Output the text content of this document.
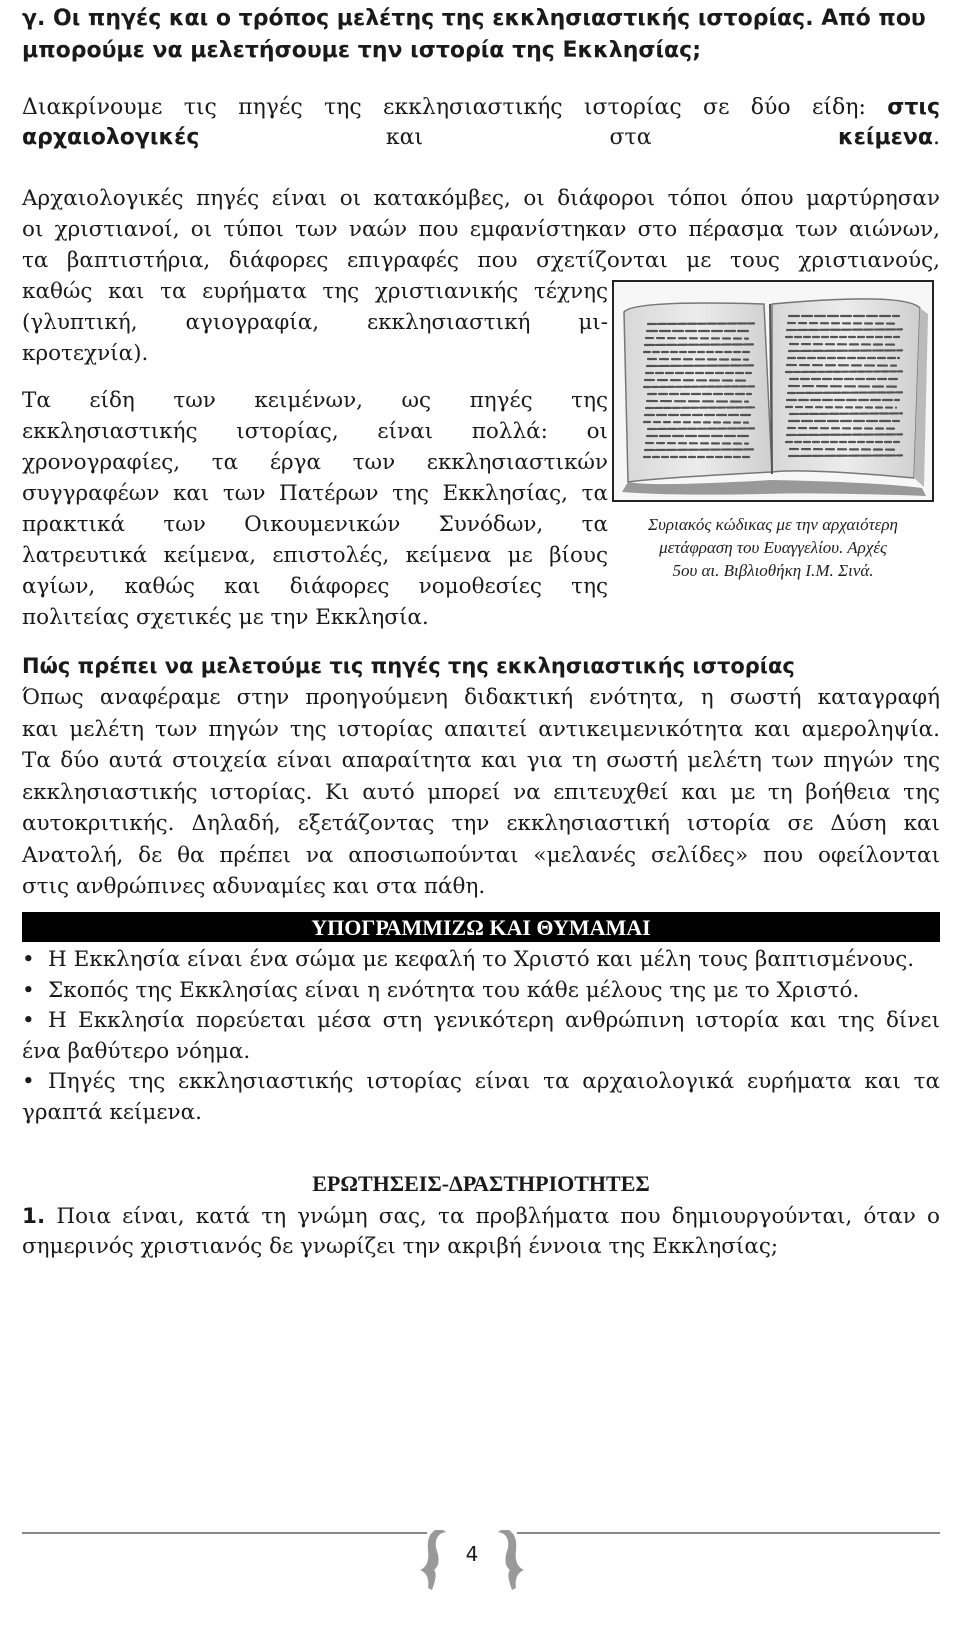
γ. Οι πηγές και ο τρόπος μελέτης της εκκλησιαστικής ιστορίας. Από που μπορούμε να μελετήσουμε την ιστορία της Εκκλησίας;

Διακρίνουμε τις πηγές της εκκλησιαστικής ιστορίας σε δύο είδη: στις
αρχαιολογικές και στα κείμενα.

Αρχαιολογικές πηγές είναι οι κατακόμβες, οι διάφοροι τόποι όπου μαρτύρησαν
οι χριστιανοί, οι τύποι των ναών που εμφανίστηκαν στο πέρασμα των αιώνων,
τα βαπτιστήρια, διάφορες επιγραφές που σχετίζονται με τους χριστιανούς,
καθώς και τα ευρήματα της χριστιανικής τέχνης
(γλυπτική, αγιογραφία, εκκλησιαστική μι-
κροτεχνία).

Τα είδη των κειμένων, ως πηγές της
εκκλησιαστικής ιστορίας, είναι πολλά: οι
χρονογραφίες, τα έργα των εκκλησιαστικών
συγγραφέων και των Πατέρων της Εκκλησίας, τα
πρακτικά των Οικουμενικών Συνόδων, τα
λατρευτικά κείμενα, επιστολές, κείμενα με βίους
αγίων, καθώς και διάφορες νομοθεσίες της
πολιτείας σχετικές με την Εκκλησία.

Συριακός κώδικας με την αρχαιότερη
μετάφραση του Ευαγγελίου. Αρχές
5ου αι. Βιβλιοθήκη Ι.Μ. Σινά.

Πώς πρέπει να μελετούμε τις πηγές της εκκλησιαστικής ιστορίας

Όπως αναφέραμε στην προηγούμενη διδακτική ενότητα, η σωστή καταγραφή
και μελέτη των πηγών της ιστορίας απαιτεί αντικειμενικότητα και αμεροληψία.
Τα δύο αυτά στοιχεία είναι απαραίτητα και για τη σωστή μελέτη των πηγών της
εκκλησιαστικής ιστορίας. Κι αυτό μπορεί να επιτευχθεί και με τη βοήθεια της
αυτοκριτικής. Δηλαδή, εξετάζοντας την εκκλησιαστική ιστορία σε Δύση και
Ανατολή, δε θα πρέπει να αποσιωπούνται «μελανές σελίδες» που οφείλονται
στις ανθρώπινες αδυναμίες και στα πάθη.

ΥΠΟΓΡΑΜΜΙΖΩ ΚΑΙ ΘΥΜΑΜΑΙ
• Η Εκκλησία είναι ένα σώμα με κεφαλή το Χριστό και μέλη τους βαπτισμένους.
• Σκοπός της Εκκλησίας είναι η ενότητα του κάθε μέλους της με το Χριστό.
• Η Εκκλησία πορεύεται μέσα στη γενικότερη ανθρώπινη ιστορία και της δίνει
ένα βαθύτερο νόημα.
• Πηγές της εκκλησιαστικής ιστορίας είναι τα αρχαιολογικά ευρήματα και τα
γραπτά κείμενα.

ΕΡΩΤΗΣΕΙΣ-ΔΡΑΣΤΗΡΙΟΤΗΤΕΣ

1. Ποια είναι, κατά τη γνώμη σας, τα προβλήματα που δημιουργούνται, όταν ο
σημερινός χριστιανός δε γνωρίζει την ακριβή έννοια της Εκκλησίας;

4
